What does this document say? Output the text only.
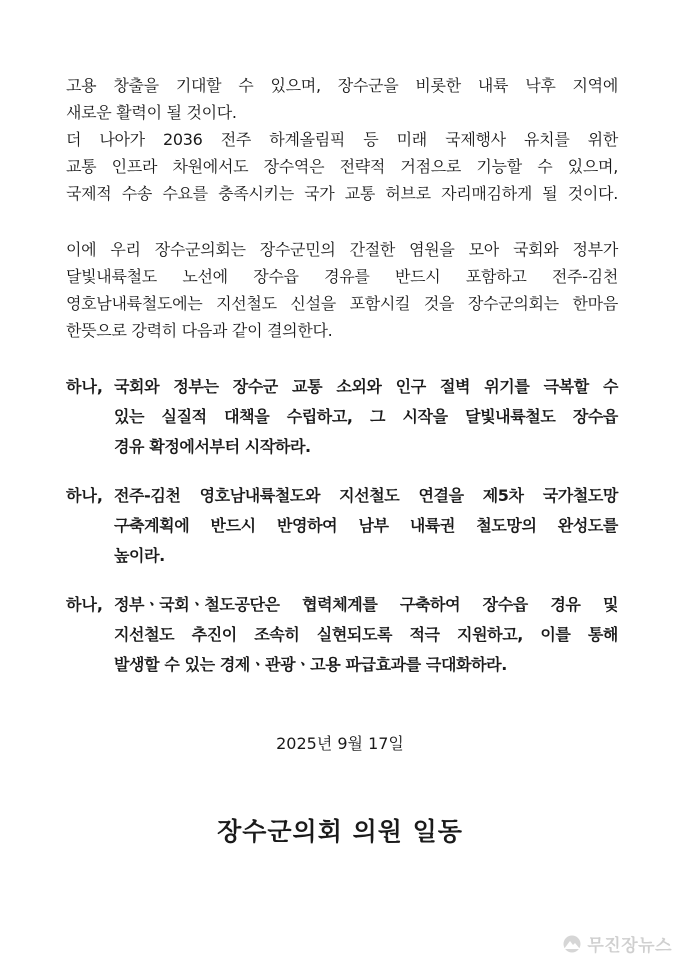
고용 창출을 기대할 수 있으며, 장수군을 비롯한 내륙 낙후 지역에
새로운 활력이 될 것이다.
더 나아가 2036 전주 하계올림픽 등 미래 국제행사 유치를 위한
교통 인프라 차원에서도 장수역은 전략적 거점으로 기능할 수 있으며,
국제적 수송 수요를 충족시키는 국가 교통 허브로 자리매김하게 될 것이다.
이에 우리 장수군의회는 장수군민의 간절한 염원을 모아 국회와 정부가
달빛내륙철도 노선에 장수읍 경유를 반드시 포함하고 전주-김천
영호남내륙철도에는 지선철도 신설을 포함시킬 것을 장수군의회는 한마음
한뜻으로 강력히 다음과 같이 결의한다.
하나, 국회와 정부는 장수군 교통 소외와 인구 절벽 위기를 극복할 수
있는 실질적 대책을 수립하고, 그 시작을 달빛내륙철도 장수읍
경유 확정에서부터 시작하라.
하나, 전주-김천 영호남내륙철도와 지선철도 연결을 제5차 국가철도망
구축계획에 반드시 반영하여 남부 내륙권 철도망의 완성도를
높이라.
하나, 정부ㆍ국회ㆍ철도공단은 협력체계를 구축하여 장수읍 경유 및
지선철도 추진이 조속히 실현되도록 적극 지원하고, 이를 통해
발생할 수 있는 경제ㆍ관광ㆍ고용 파급효과를 극대화하라.
2025년 9월 17일
장수군의회 의원 일동
무진장뉴스
